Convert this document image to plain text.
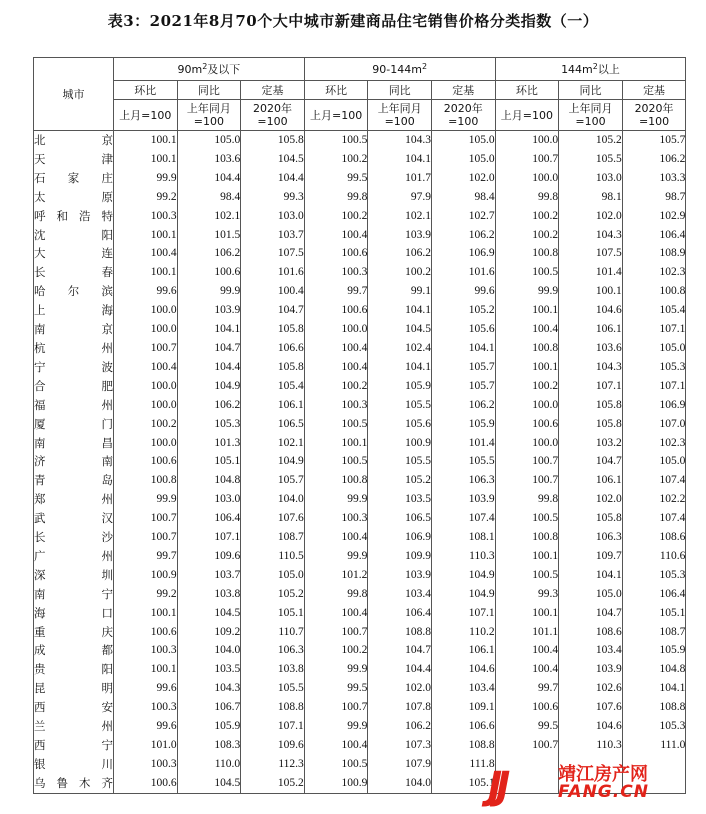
表3：2021年8月70个大中城市新建商品住宅销售价格分类指数（一）
城市	$90m^2$及以下			$90-144m^2$			$144m^2$以上		
	环比	同比	定基	环比	同比	定基	环比	同比	定基
	上月=100	上年同月=100	2020年=100	上月=100	上年同月=100	2020年=100	上月=100	上年同月=100	2020年=100
北京	100.1	105.0	105.8	100.5	104.3	105.0	100.0	105.2	105.7
天津	100.1	103.6	104.5	100.2	104.1	105.0	100.7	105.5	106.2
石家庄	99.9	104.4	104.4	99.5	101.7	102.0	100.0	103.0	103.3
太原	99.2	98.4	99.3	99.8	97.9	98.4	99.8	98.1	98.7
呼和浩特	100.3	102.1	103.0	100.2	102.1	102.7	100.2	102.0	102.9
沈阳	100.1	101.5	103.7	100.4	103.9	106.2	100.2	104.3	106.4
大连	100.4	106.2	107.5	100.6	106.2	106.9	100.8	107.5	108.9
长春	100.1	100.6	101.6	100.3	100.2	101.6	100.5	101.4	102.3
哈尔滨	99.6	99.9	100.4	99.7	99.1	99.6	99.9	100.1	100.8
上海	100.0	103.9	104.7	100.6	104.1	105.2	100.1	104.6	105.4
南京	100.0	104.1	105.8	100.0	104.5	105.6	100.4	106.1	107.1
杭州	100.7	104.7	106.6	100.4	102.4	104.1	100.8	103.6	105.0
宁波	100.4	104.4	105.8	100.4	104.1	105.7	100.1	104.3	105.3
合肥	100.0	104.9	105.4	100.2	105.9	105.7	100.2	107.1	107.1
福州	100.0	106.2	106.1	100.3	105.5	106.2	100.0	105.8	106.9
厦门	100.2	105.3	106.5	100.5	105.6	105.9	100.6	105.8	107.0
南昌	100.0	101.3	102.1	100.1	100.9	101.4	100.0	103.2	102.3
济南	100.6	105.1	104.9	100.5	105.5	105.5	100.7	104.7	105.0
青岛	100.8	104.8	105.7	100.8	105.2	106.3	100.7	106.1	107.4
郑州	99.9	103.0	104.0	99.9	103.5	103.9	99.8	102.0	102.2
武汉	100.7	106.4	107.6	100.3	106.5	107.4	100.5	105.8	107.4
长沙	100.7	107.1	108.7	100.4	106.9	108.1	100.8	106.3	108.6
广州	99.7	109.6	110.5	99.9	109.9	110.3	100.1	109.7	110.6
深圳	100.9	103.7	105.0	101.2	103.9	104.9	100.5	104.1	105.3
南宁	99.2	103.8	105.2	99.8	103.4	104.9	99.3	105.0	106.4
海口	100.1	104.5	105.1	100.4	106.4	107.1	100.1	104.7	105.1
重庆	100.6	109.2	110.7	100.7	108.8	110.2	101.1	108.6	108.7
成都	100.3	104.0	106.3	100.2	104.7	106.1	100.4	103.4	105.9
贵阳	100.1	103.5	103.8	99.9	104.4	104.6	100.4	103.9	104.8
昆明	99.6	104.3	105.5	99.5	102.0	103.4	99.7	102.6	104.1
西安	100.3	106.7	108.8	100.7	107.8	109.1	100.6	107.6	108.8
兰州	99.6	105.9	107.1	99.9	106.2	106.6	99.5	104.6	105.3
西宁	101.0	108.3	109.6	100.4	107.3	108.8	100.7	110.3	111.0
银川	100.3	110.0	112.3	100.5	107.9	111.8			
乌鲁木齐	100.6	104.5	105.2	100.9	104.0	105.1			
JJ	靖江房产网
FANG.CN
